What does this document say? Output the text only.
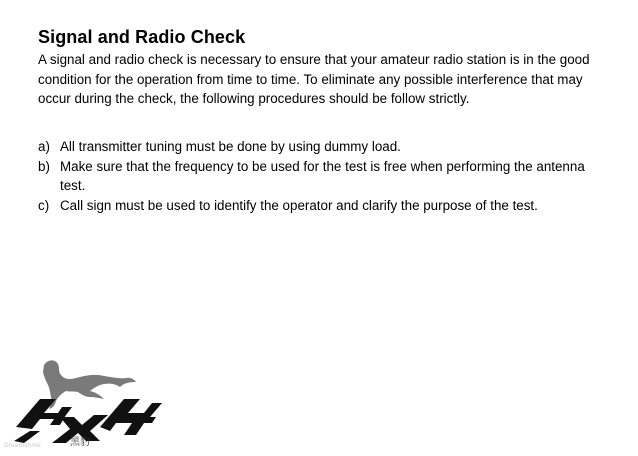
Signal and Radio Check
A signal and radio check is necessary to ensure that your amateur radio station is in the good condition for the operation from time to time. To eliminate any possible interference that may occur during the check, the following procedures should be follow strictly.
a) All transmitter tuning must be done by using dummy load.
b) Make sure that the frequency to be used for the test is free when performing the antenna test.
c) Call sign must be used to identify the operator and clarify the purpose of the test.
黑豹
Dreamstime
